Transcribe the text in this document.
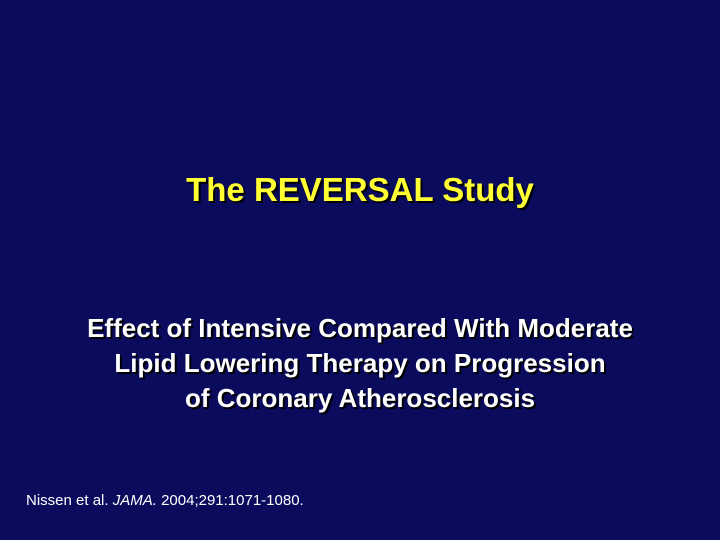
The REVERSAL Study
Effect of Intensive Compared With Moderate
Lipid Lowering Therapy on Progression
of Coronary Atherosclerosis
Nissen et al. JAMA. 2004;291:1071-1080.
